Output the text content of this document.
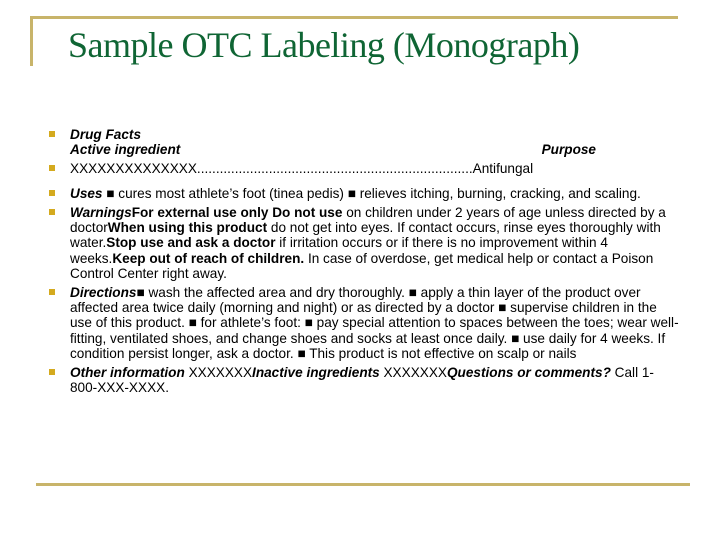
Sample OTC Labeling (Monograph)
Drug Facts
Active ingredient	Purpose
XXXXXXXXXXXXXX.........................................................................Antifungal
Uses ■ cures most athlete’s foot (tinea pedis) ■ relieves itching, burning, cracking, and scaling.
WarningsFor external use only Do not use on children under 2 years of age unless directed by a doctorWhen using this product do not get into eyes. If contact occurs, rinse eyes thoroughly with water.Stop use and ask a doctor if irritation occurs or if there is no improvement within 4 weeks.Keep out of reach of children. In case of overdose, get medical help or contact a Poison Control Center right away.
Directions■ wash the affected area and dry thoroughly. ■ apply a thin layer of the product over affected area twice daily (morning and night) or as directed by a doctor ■ supervise children in the use of this product. ■ for athlete’s foot: ■ pay special attention to spaces between the toes; wear well-fitting, ventilated shoes, and change shoes and socks at least once daily. ■ use daily for 4 weeks. If condition persist longer, ask a doctor. ■ This product is not effective on scalp or nails
Other information XXXXXXXInactive ingredients XXXXXXXQuestions or comments? Call 1-800-XXX-XXXX.
